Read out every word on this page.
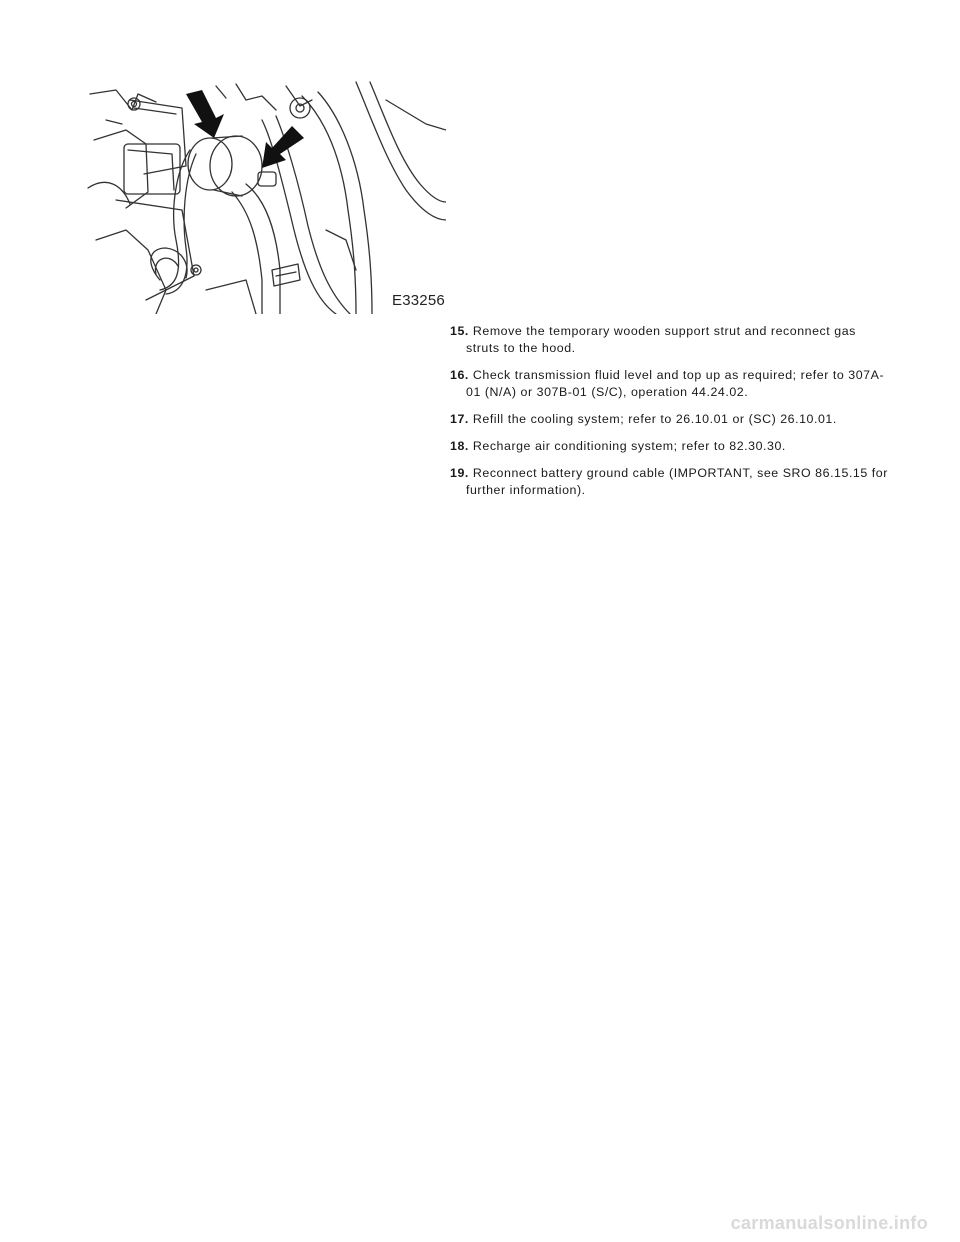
E33256
15. Remove the temporary wooden support strut and reconnect gas struts to the hood.
16. Check transmission fluid level and top up as required; refer to 307A-01 (N/A) or 307B-01 (S/C), operation 44.24.02.
17. Refill the cooling system; refer to 26.10.01 or (SC) 26.10.01.
18. Recharge air conditioning system; refer to 82.30.30.
19. Reconnect battery ground cable (IMPORTANT, see SRO 86.15.15 for further information).
carmanualsonline.info
